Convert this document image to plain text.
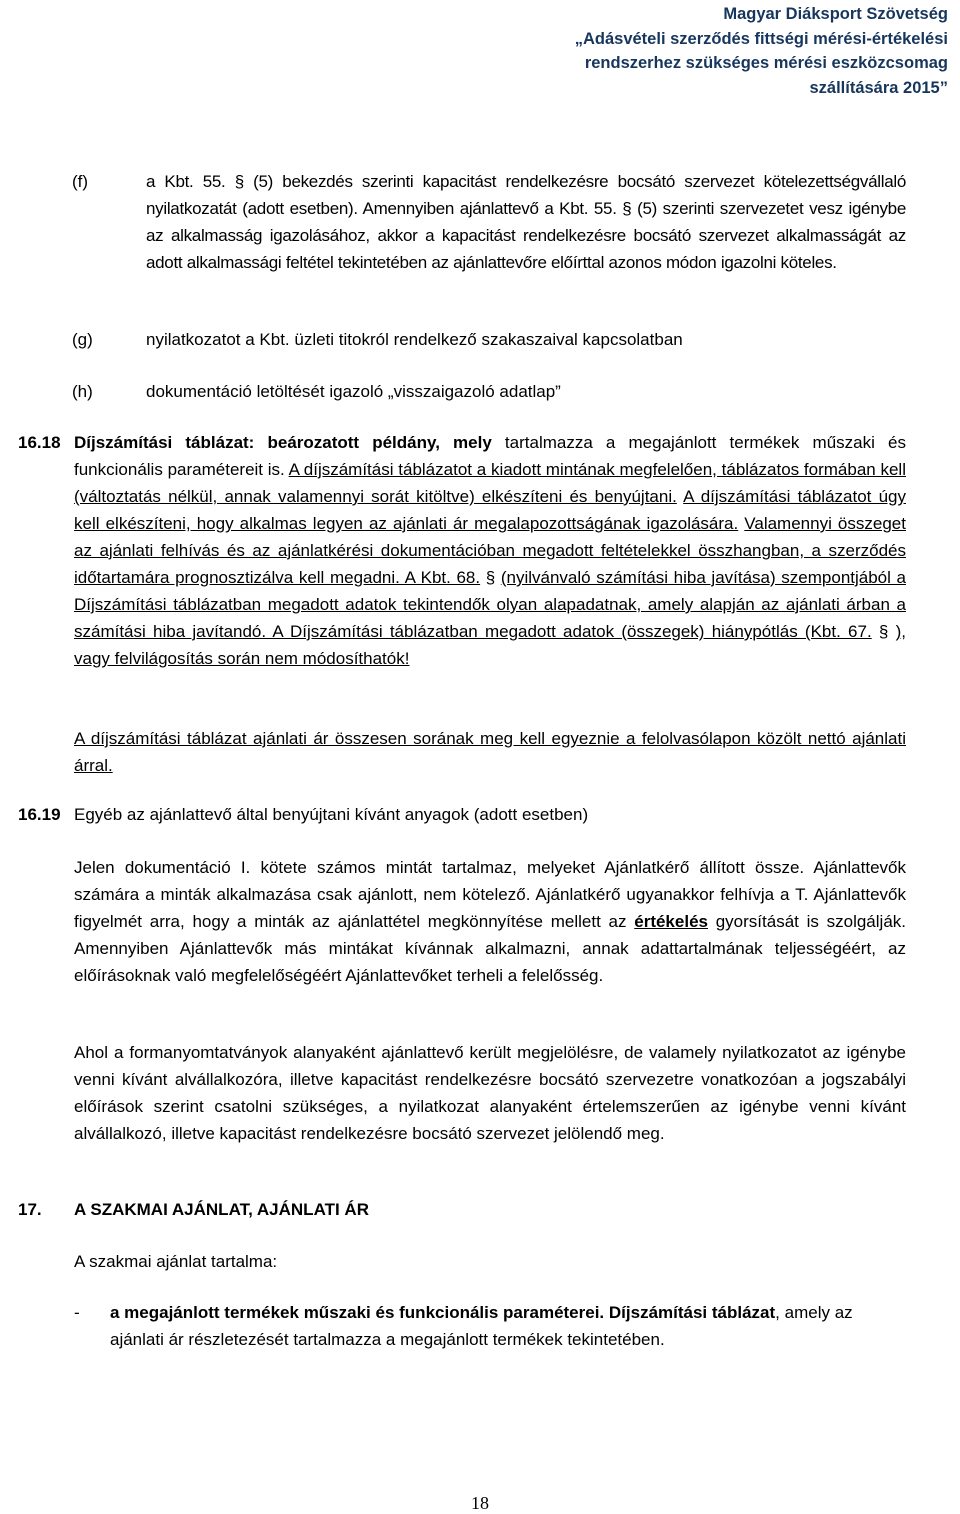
Magyar Diáksport Szövetség
„Adásvételi szerződés fittségi mérési-értékelési
rendszerhez szükséges mérési eszközcsomag
szállítására 2015”
(f)	a Kbt. 55. § (5) bekezdés szerinti kapacitást rendelkezésre bocsátó szervezet kötelezettségvállaló nyilatkozatát (adott esetben). Amennyiben ajánlattevő a Kbt. 55. § (5) szerinti szervezetet vesz igénybe az alkalmasság igazolásához, akkor a kapacitást rendelkezésre bocsátó szervezet alkalmasságát az adott alkalmassági feltétel tekintetében az ajánlattevőre előírttal azonos módon igazolni köteles.
(g)	nyilatkozatot a Kbt. üzleti titokról rendelkező szakaszaival kapcsolatban
(h)	dokumentáció letöltését igazoló „visszaigazoló adatlap”
16.18 Díjszámítási táblázat: beározatott példány, mely tartalmazza a megajánlott termékek műszaki és funkcionális paramétereit is. A díjszámítási táblázatot a kiadott mintának megfelelően, táblázatos formában kell (változtatás nélkül, annak valamennyi sorát kitöltve) elkészíteni és benyújtani. A díjszámítási táblázatot úgy kell elkészíteni, hogy alkalmas legyen az ajánlati ár megalapozottságának igazolására. Valamennyi összeget az ajánlati felhívás és az ajánlatkérési dokumentációban megadott feltételekkel összhangban, a szerződés időtartamára prognosztizálva kell megadni. A Kbt. 68. § (nyilvánvaló számítási hiba javítása) szempontjából a Díjszámítási táblázatban megadott adatok tekintendők olyan alapadatnak, amely alapján az ajánlati árban a számítási hiba javítandó. A Díjszámítási táblázatban megadott adatok (összegek) hiánypótlás (Kbt. 67. § ), vagy felvilágosítás során nem módosíthatók!
A díjszámítási táblázat ajánlati ár összesen sorának meg kell egyeznie a felolvasólapon közölt nettó ajánlati árral.
16.19 Egyéb az ajánlattevő által benyújtani kívánt anyagok (adott esetben)
Jelen dokumentáció I. kötete számos mintát tartalmaz, melyeket Ajánlatkérő állított össze. Ajánlattevők számára a minták alkalmazása csak ajánlott, nem kötelező. Ajánlatkérő ugyanakkor felhívja a T. Ajánlattevők figyelmét arra, hogy a minták az ajánlattétel megkönnyítése mellett az értékelés gyorsítását is szolgálják. Amennyiben Ajánlattevők más mintákat kívánnak alkalmazni, annak adattartalmának teljességéért, az előírásoknak való megfelelőségéért Ajánlattevőket terheli a felelősség.
Ahol a formanyomtatványok alanyaként ajánlattevő került megjelölésre, de valamely nyilatkozatot az igénybe venni kívánt alvállalkozóra, illetve kapacitást rendelkezésre bocsátó szervezetre vonatkozóan a jogszabályi előírások szerint csatolni szükséges, a nyilatkozat alanyaként értelemszerűen az igénybe venni kívánt alvállalkozó, illetve kapacitást rendelkezésre bocsátó szervezet jelölendő meg.
17. A SZAKMAI AJÁNLAT, AJÁNLATI ÁR
A szakmai ajánlat tartalma:
- a megajánlott termékek műszaki és funkcionális paraméterei. Díjszámítási táblázat, amely az ajánlati ár részletezését tartalmazza a megajánlott termékek tekintetében.
18
